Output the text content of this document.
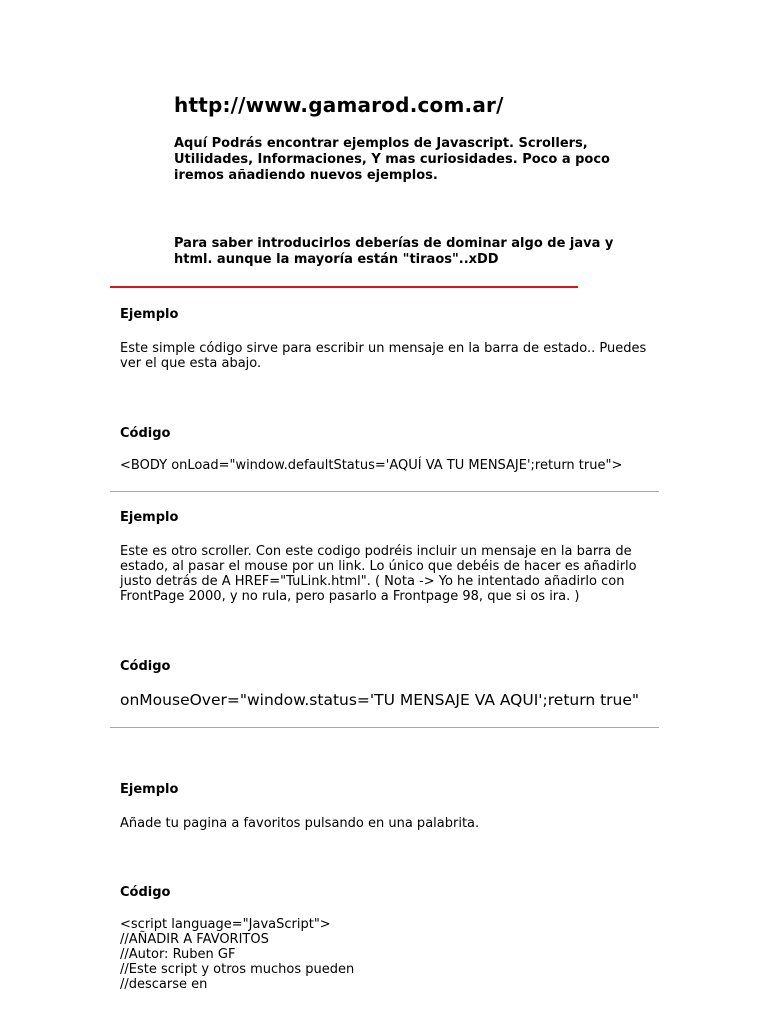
http://www.gamarod.com.ar/

Aquí Podrás encontrar ejemplos de Javascript. Scrollers, Utilidades, Informaciones, Y mas curiosidades. Poco a poco iremos añadiendo nuevos ejemplos.

Para saber introducirlos deberías de dominar algo de java y html. aunque la mayoría están "tiraos"..xDD

Ejemplo

Este simple código sirve para escribir un mensaje en la barra de estado.. Puedes ver el que esta abajo.

Código

<BODY onLoad="window.defaultStatus='AQUÍ VA TU MENSAJE';return true">

Ejemplo

Este es otro scroller. Con este codigo podréis incluir un mensaje en la barra de estado, al pasar el mouse por un link. Lo único que debéis de hacer es añadirlo justo detrás de A HREF="TuLink.html". ( Nota -> Yo he intentado añadirlo con FrontPage 2000, y no rula, pero pasarlo a Frontpage 98, que si os ira. )

Código

onMouseOver="window.status='TU MENSAJE VA AQUI';return true"

Ejemplo

Añade tu pagina a favoritos pulsando en una palabrita.

Código

<script language="JavaScript">
//AÑADIR A FAVORITOS
//Autor: Ruben GF
//Este script y otros muchos pueden
//descarse en
